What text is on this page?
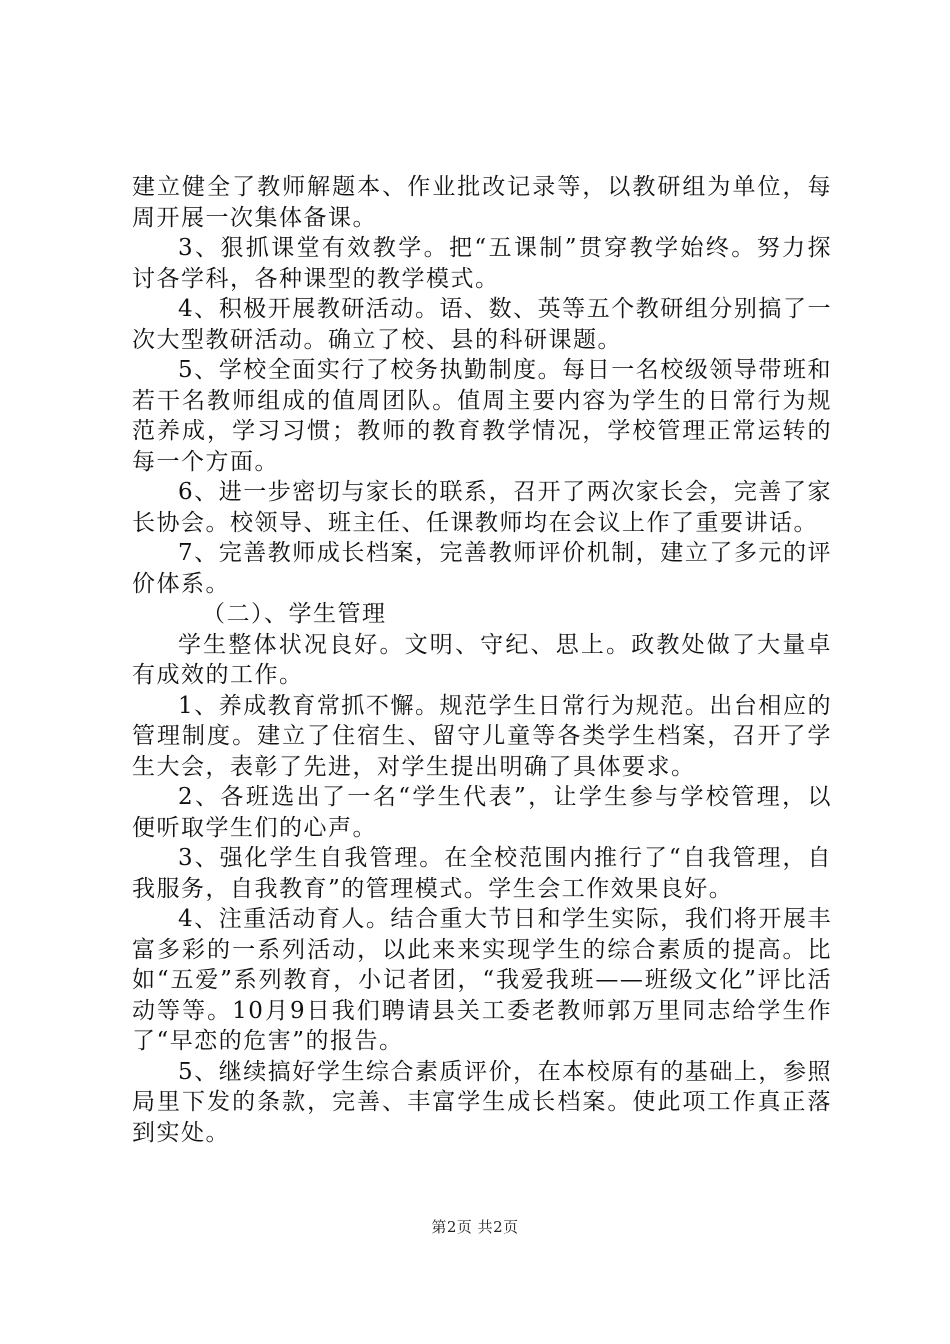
建立健全了教师解题本、作业批改记录等，以教研组为单位，每周开展一次集体备课。

3、狠抓课堂有效教学。把“五课制”贯穿教学始终。努力探讨各学科，各种课型的教学模式。

4、积极开展教研活动。语、数、英等五个教研组分别搞了一次大型教研活动。确立了校、县的科研课题。

5、学校全面实行了校务执勤制度。每日一名校级领导带班和若干名教师组成的值周团队。值周主要内容为学生的日常行为规范养成，学习习惯；教师的教育教学情况，学校管理正常运转的每一个方面。

6、进一步密切与家长的联系，召开了两次家长会，完善了家长协会。校领导、班主任、任课教师均在会议上作了重要讲话。

7、完善教师成长档案，完善教师评价机制，建立了多元的评价体系。

（二）、学生管理

学生整体状况良好。文明、守纪、思上。政教处做了大量卓有成效的工作。

1、养成教育常抓不懈。规范学生日常行为规范。出台相应的管理制度。建立了住宿生、留守儿童等各类学生档案，召开了学生大会，表彰了先进，对学生提出明确了具体要求。

2、各班选出了一名“学生代表”，让学生参与学校管理，以便听取学生们的心声。

3、强化学生自我管理。在全校范围内推行了“自我管理，自我服务，自我教育”的管理模式。学生会工作效果良好。

4、注重活动育人。结合重大节日和学生实际，我们将开展丰富多彩的一系列活动，以此来来实现学生的综合素质的提高。比如“五爱”系列教育，小记者团，“我爱我班——班级文化”评比活动等等。10月9日我们聘请县关工委老教师郭万里同志给学生作了“早恋的危害”的报告。

5、继续搞好学生综合素质评价，在本校原有的基础上，参照局里下发的条款，完善、丰富学生成长档案。使此项工作真正落到实处。

第2页 共2页
